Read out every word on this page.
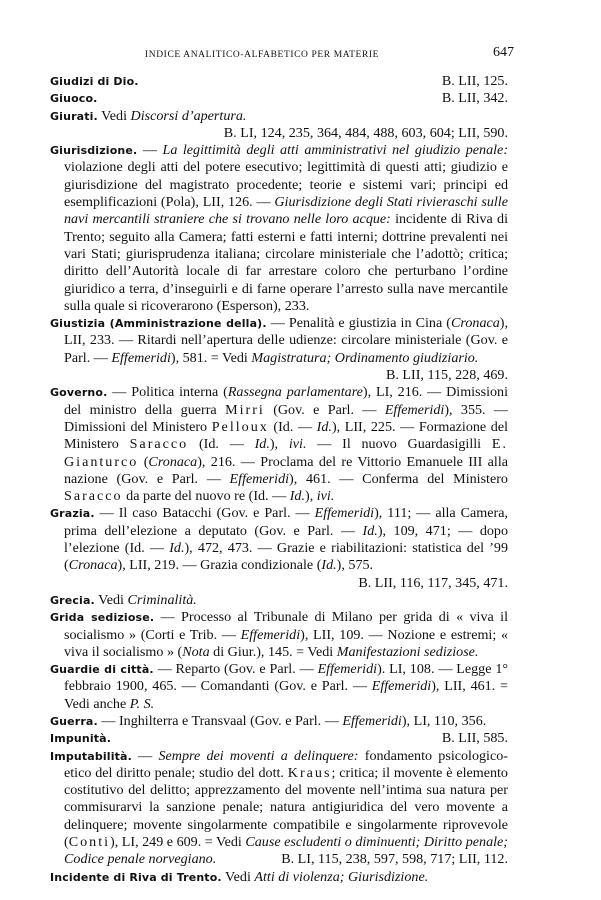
INDICE ANALITICO-ALFABETICO PER MATERIE	647

Giudizi di Dio.	B. LII, 125.

Giuoco.	B. LII, 342.

Giurati. Vedi Discorsi d’apertura.
B. LI, 124, 235, 364, 484, 488, 603, 604; LII, 590.

Giurisdizione. — La legittimità degli atti amministrativi nel giudizio penale: violazione degli atti del potere esecutivo; legittimità di questi atti; giudizio e giurisdizione del magistrato procedente; teorie e sistemi vari; principi ed esemplificazioni (Pola), LII, 126. — Giurisdizione degli Stati rivieraschi sulle navi mercantili straniere che si trovano nelle loro acque: incidente di Riva di Trento; seguito alla Camera; fatti esterni e fatti interni; dottrine prevalenti nei vari Stati; giurisprudenza italiana; circolare ministeriale che l’adottò; critica; diritto dell’Autorità locale di far arrestare coloro che perturbano l’ordine giuridico a terra, d’inseguirli e di farne operare l’arresto sulla nave mercantile sulla quale si ricoverarono (Esperson), 233.

Giustizia (Amministrazione della). — Penalità e giustizia in Cina (Cronaca), LII, 233. — Ritardi nell’apertura delle udienze: circolare ministeriale (Gov. e Parl. — Effemeridi), 581. = Vedi Magistratura; Ordinamento giudiziario.
B. LII, 115, 228, 469.

Governo. — Politica interna (Rassegna parlamentare), LI, 216. — Dimissioni del ministro della guerra Mirri (Gov. e Parl. — Effemeridi), 355. — Dimissioni del Ministero Pelloux (Id. — Id.), LII, 225. — Formazione del Ministero Saracco (Id. — Id.), ivi. — Il nuovo Guardasigilli E. Gianturco (Cronaca), 216. — Proclama del re Vittorio Emanuele III alla nazione (Gov. e Parl. — Effemeridi), 461. — Conferma del Ministero Saracco da parte del nuovo re (Id. — Id.), ivi.

Grazia. — Il caso Batacchi (Gov. e Parl. — Effemeridi), 111; — alla Camera, prima dell’elezione a deputato (Gov. e Parl. — Id.), 109, 471; — dopo l’elezione (Id. — Id.), 472, 473. — Grazie e riabilitazioni: statistica del ’99 (Cronaca), LII, 219. — Grazia condizionale (Id.), 575.
B. LII, 116, 117, 345, 471.

Grecia. Vedi Criminalità.

Grida sediziose. — Processo al Tribunale di Milano per grida di « viva il socialismo » (Corti e Trib. — Effemeridi), LII, 109. — Nozione e estremi; « viva il socialismo » (Nota di Giur.), 145. = Vedi Manifestazioni sediziose.

Guardie di città. — Reparto (Gov. e Parl. — Effemeridi). LI, 108. — Legge 1° febbraio 1900, 465. — Comandanti (Gov. e Parl. — Effemeridi), LII, 461. = Vedi anche P. S.

Guerra. — Inghilterra e Transvaal (Gov. e Parl. — Effemeridi), LI, 110, 356.

Impunità.	B. LII, 585.

Imputabilità. — Sempre dei moventi a delinquere: fondamento psicologico-etico del diritto penale; studio del dott. Kraus; critica; il movente è elemento costitutivo del delitto; apprezzamento del movente nell’intima sua natura per commisurarvi la sanzione penale; natura antigiuridica del vero movente a delinquere; movente singolarmente compatibile e singolarmente riprovevole (Conti), LI, 249 e 609. = Vedi Cause escludenti o diminuenti; Diritto penale; Codice penale norvegiano.	B. LI, 115, 238, 597, 598, 717; LII, 112.

Incidente di Riva di Trento. Vedi Atti di violenza; Giurisdizione.
